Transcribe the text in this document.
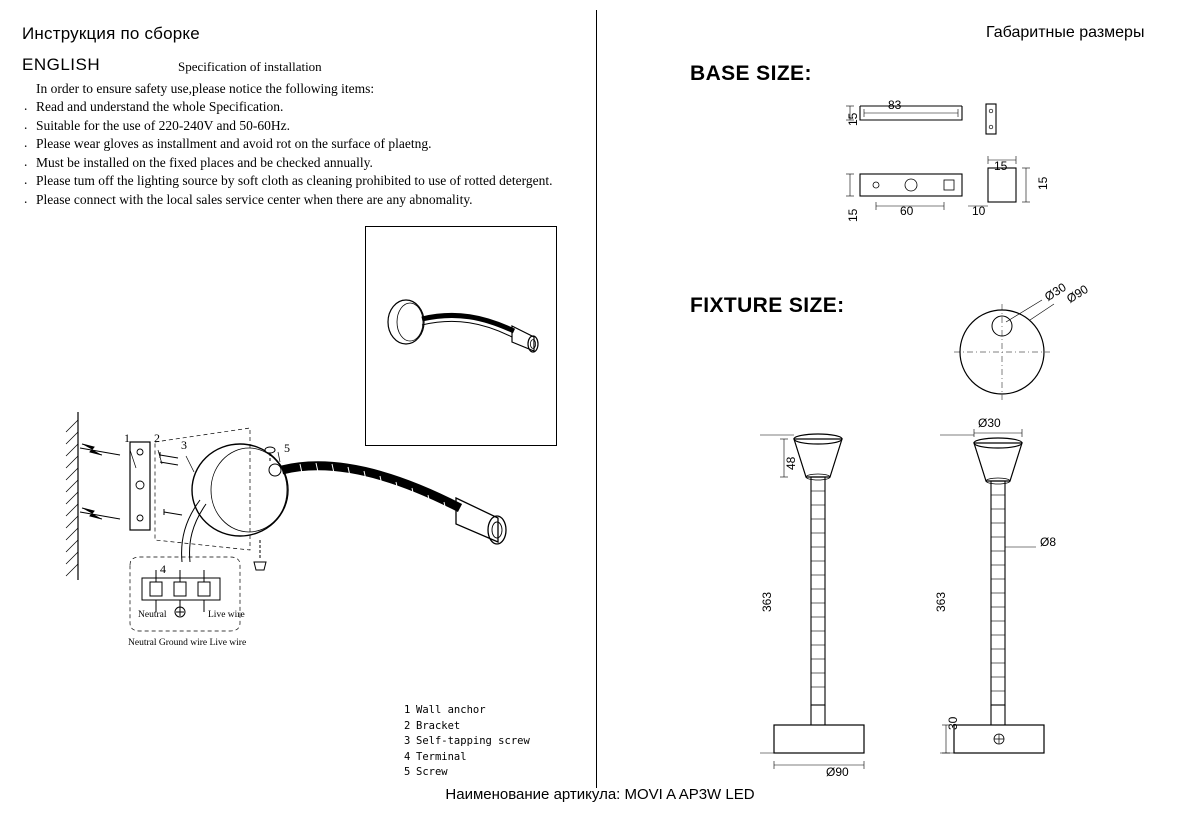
Инструкция по сборке	Габаритные размеры
ENGLISH	Specification of installation
In order to ensure safety use,please notice the following items:
. Read and understand the whole Specification.
. Suitable for the use of 220-240V and 50-60Hz.
. Please wear gloves as installment and avoid rot on the surface of plaetng.
. Must be installed on the fixed places and be checked annually.
. Please tum off the lighting source by soft cloth as cleaning prohibited to use of rotted detergent.
. Please connect with the local sales service center when there are any abnomality.
1 2 3
4
5
Neutral	Live wire
Neutral Ground wire Live wire
1 Wall anchor
2 Bracket
3 Self-tapping screw
4 Terminal
5 Screw
BASE SIZE:
FIXTURE SIZE:
15
83
15	60
15
15
10
Ø30
Ø90
48
363
Ø90
Ø30
Ø8
363
30
Наименование артикула: MOVI A AP3W LED
